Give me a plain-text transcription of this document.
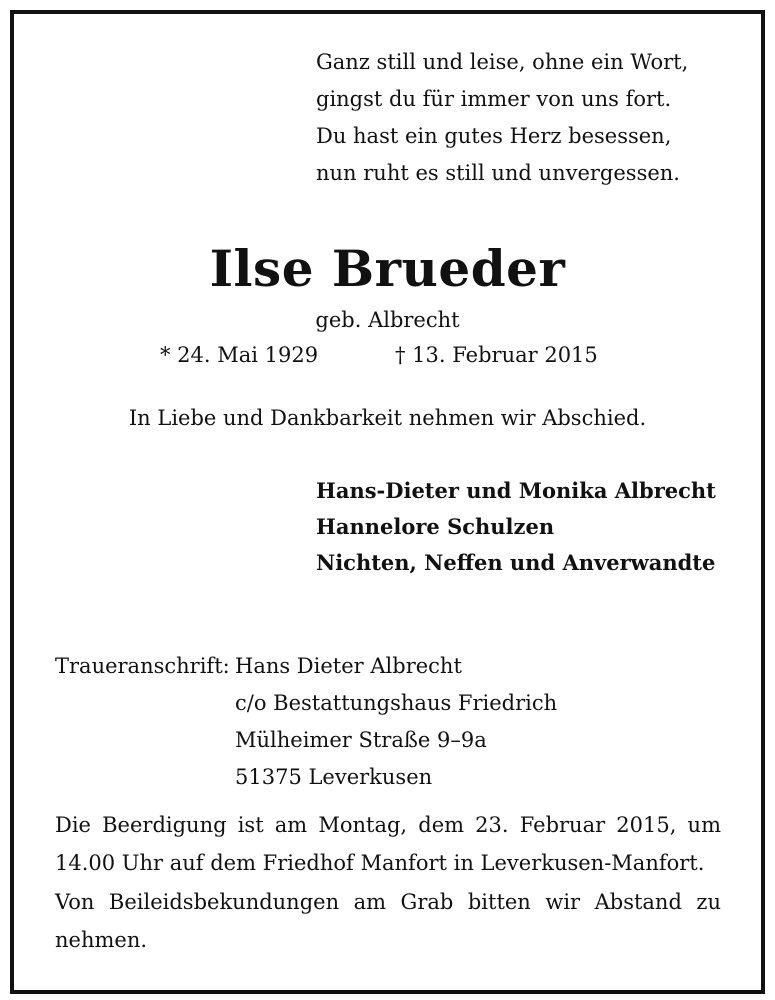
Ganz still und leise, ohne ein Wort,
gingst du für immer von uns fort.
Du hast ein gutes Herz besessen,
nun ruht es still und unvergessen.
Ilse Brueder
geb. Albrecht
* 24. Mai 1929	† 13. Februar 2015
In Liebe und Dankbarkeit nehmen wir Abschied.
Hans-Dieter und Monika Albrecht
Hannelore Schulzen
Nichten, Neffen und Anverwandte
Traueranschrift: Hans Dieter Albrecht
c/o Bestattungshaus Friedrich
Mülheimer Straße 9–9a
51375 Leverkusen
Die Beerdigung ist am Montag, dem 23. Februar 2015, um 14.00 Uhr auf dem Friedhof Manfort in Leverkusen-Manfort.
Von Beileidsbekundungen am Grab bitten wir Abstand zu nehmen.
